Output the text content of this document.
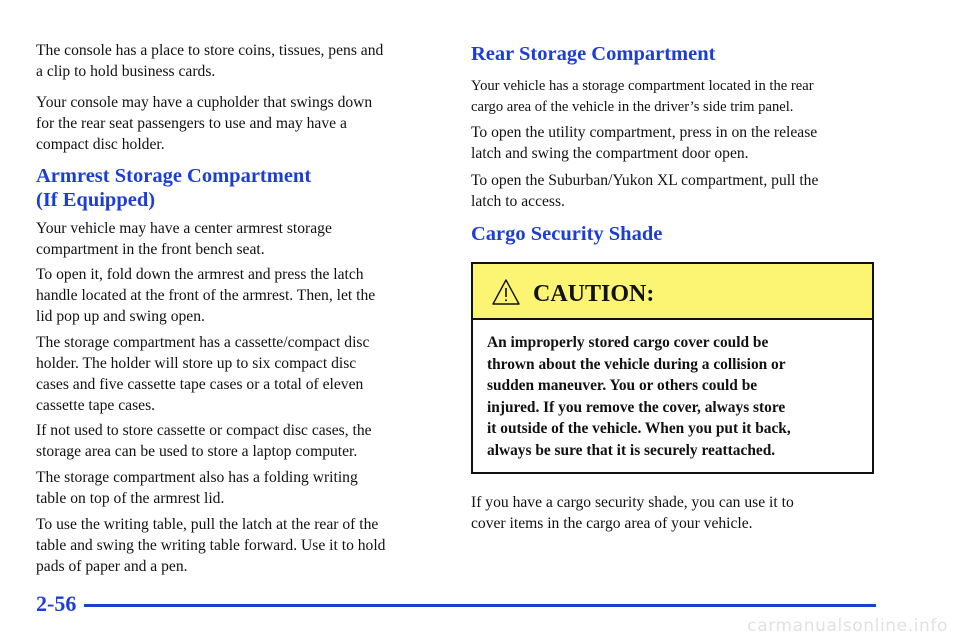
The console has a place to store coins, tissues, pens and
a clip to hold business cards.

Your console may have a cupholder that swings down
for the rear seat passengers to use and may have a
compact disc holder.

Armrest Storage Compartment
(If Equipped)

Your vehicle may have a center armrest storage
compartment in the front bench seat.

To open it, fold down the armrest and press the latch
handle located at the front of the armrest. Then, let the
lid pop up and swing open.

The storage compartment has a cassette/compact disc
holder. The holder will store up to six compact disc
cases and five cassette tape cases or a total of eleven
cassette tape cases.

If not used to store cassette or compact disc cases, the
storage area can be used to store a laptop computer.

The storage compartment also has a folding writing
table on top of the armrest lid.

To use the writing table, pull the latch at the rear of the
table and swing the writing table forward. Use it to hold
pads of paper and a pen.

Rear Storage Compartment

Your vehicle has a storage compartment located in the rear
cargo area of the vehicle in the driver’s side trim panel.

To open the utility compartment, press in on the release
latch and swing the compartment door open.

To open the Suburban/Yukon XL compartment, pull the
latch to access.

Cargo Security Shade

If you have a cargo security shade, you can use it to
cover items in the cargo area of your vehicle.

CAUTION:

An improperly stored cargo cover could be

thrown about the vehicle during a collision or

sudden maneuver. You or others could be

injured. If you remove the cover, always store

it outside of the vehicle. When you put it back,

always be sure that it is securely reattached.

2-56
carmanualsonline.info
